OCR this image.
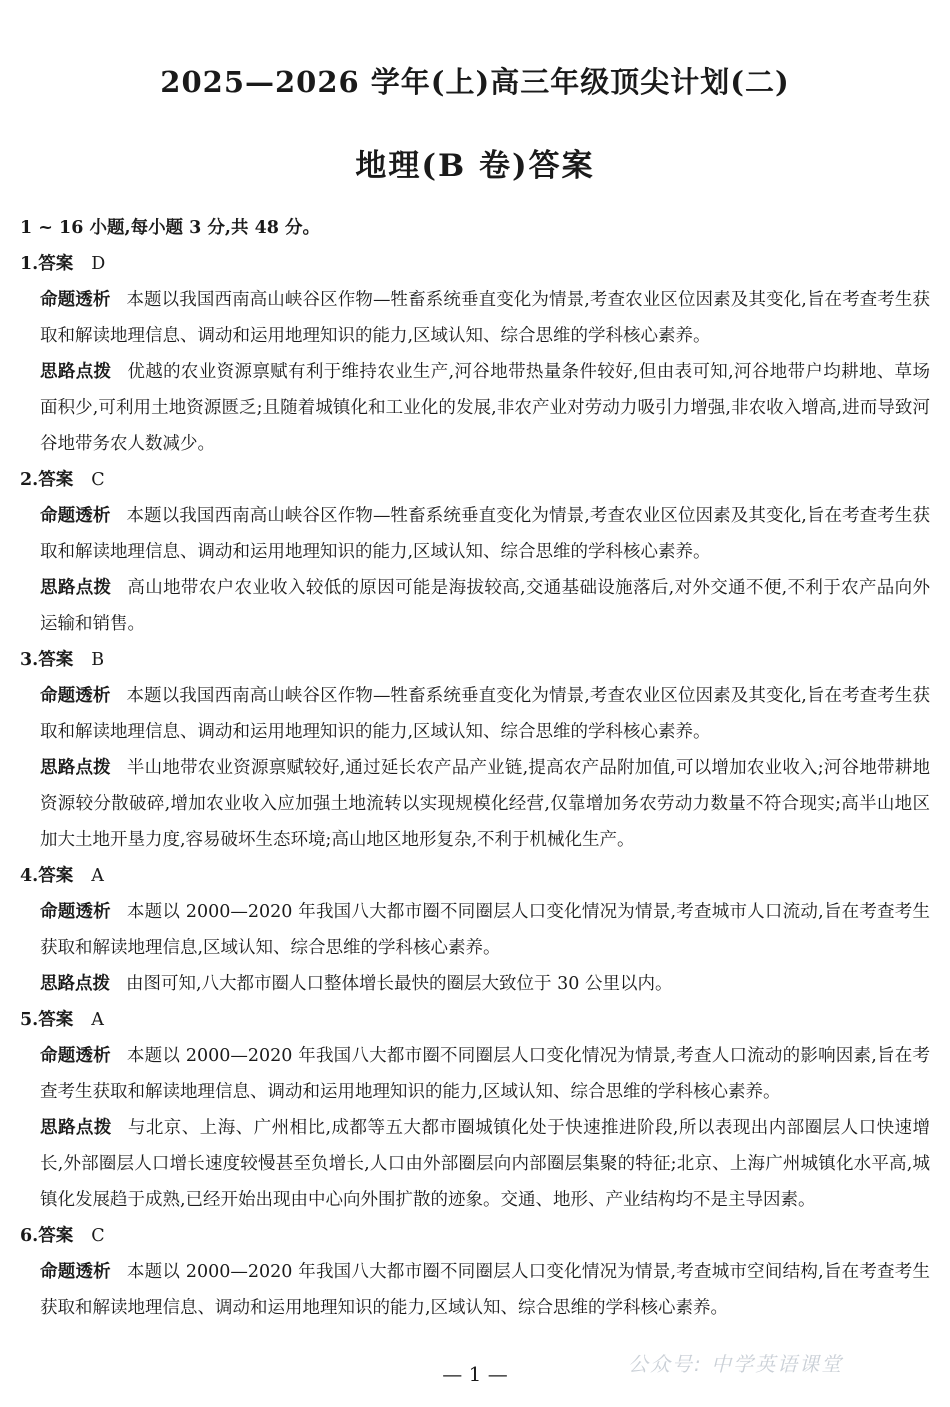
2025—2026 学年(上)高三年级顶尖计划(二)
地理(B 卷)答案
1 ~ 16 小题,每小题 3 分,共 48 分。
1.答案 D
命题透析 本题以我国西南高山峡谷区作物—牲畜系统垂直变化为情景,考查农业区位因素及其变化,旨在考查考生获取和解读地理信息、调动和运用地理知识的能力,区域认知、综合思维的学科核心素养。
思路点拨 优越的农业资源禀赋有利于维持农业生产,河谷地带热量条件较好,但由表可知,河谷地带户均耕地、草场面积少,可利用土地资源匮乏;且随着城镇化和工业化的发展,非农产业对劳动力吸引力增强,非农收入增高,进而导致河谷地带务农人数减少。
2.答案 C
命题透析 本题以我国西南高山峡谷区作物—牲畜系统垂直变化为情景,考查农业区位因素及其变化,旨在考查考生获取和解读地理信息、调动和运用地理知识的能力,区域认知、综合思维的学科核心素养。
思路点拨 高山地带农户农业收入较低的原因可能是海拔较高,交通基础设施落后,对外交通不便,不利于农产品向外运输和销售。
3.答案 B
命题透析 本题以我国西南高山峡谷区作物—牲畜系统垂直变化为情景,考查农业区位因素及其变化,旨在考查考生获取和解读地理信息、调动和运用地理知识的能力,区域认知、综合思维的学科核心素养。
思路点拨 半山地带农业资源禀赋较好,通过延长农产品产业链,提高农产品附加值,可以增加农业收入;河谷地带耕地资源较分散破碎,增加农业收入应加强土地流转以实现规模化经营,仅靠增加务农劳动力数量不符合现实;高半山地区加大土地开垦力度,容易破坏生态环境;高山地区地形复杂,不利于机械化生产。
4.答案 A
命题透析 本题以 2000—2020 年我国八大都市圈不同圈层人口变化情况为情景,考查城市人口流动,旨在考查考生获取和解读地理信息,区域认知、综合思维的学科核心素养。
思路点拨 由图可知,八大都市圈人口整体增长最快的圈层大致位于 30 公里以内。
5.答案 A
命题透析 本题以 2000—2020 年我国八大都市圈不同圈层人口变化情况为情景,考查人口流动的影响因素,旨在考查考生获取和解读地理信息、调动和运用地理知识的能力,区域认知、综合思维的学科核心素养。
思路点拨 与北京、上海、广州相比,成都等五大都市圈城镇化处于快速推进阶段,所以表现出内部圈层人口快速增长,外部圈层人口增长速度较慢甚至负增长,人口由外部圈层向内部圈层集聚的特征;北京、上海广州城镇化水平高,城镇化发展趋于成熟,已经开始出现由中心向外围扩散的迹象。交通、地形、产业结构均不是主导因素。
6.答案 C
命题透析 本题以 2000—2020 年我国八大都市圈不同圈层人口变化情况为情景,考查城市空间结构,旨在考查考生获取和解读地理信息、调动和运用地理知识的能力,区域认知、综合思维的学科核心素养。
公众号: 中学英语课堂
— 1 —
